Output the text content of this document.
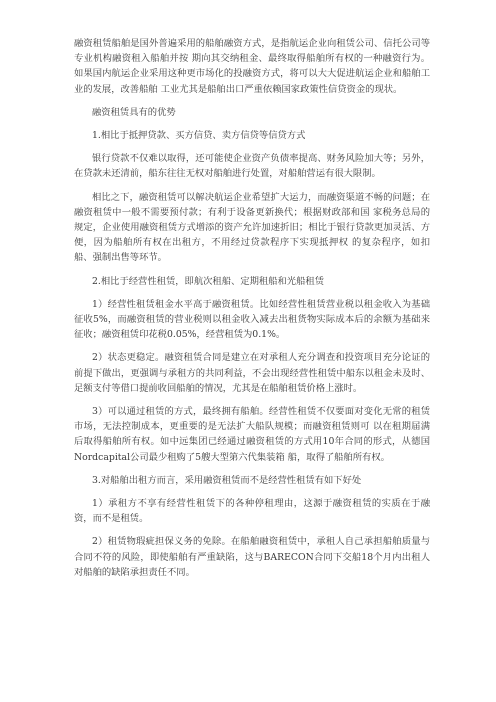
融资租赁船舶是国外普遍采用的船舶融资方式，是指航运企业向租赁公司、信托公司等专业机构融资租入船舶并按 期向其交纳租金、最终取得船舶所有权的一种融资行为。如果国内航运企业采用这种更市场化的投融资方式，将可以大大促进航运企业和船舶工业的发展，改善船舶 工业尤其是船舶出口严重依赖国家政策性信贷资金的现状。

融资租赁具有的优势

1.相比于抵押贷款、买方信贷、卖方信贷等信贷方式

银行贷款不仅难以取得，还可能使企业资产负债率提高、财务风险加大等；另外，在贷款未还清前，船东往往无权对船舶进行处置，对船舶营运有很大限制。

相比之下，融资租赁可以解决航运企业希望扩大运力，而融资渠道不畅的问题；在融资租赁中一般不需要预付款；有利于设备更新换代；根据财政部和国 家税务总局的规定，企业使用融资租赁方式增添的资产允许加速折旧；相比于银行贷款更加灵活、方便，因为船舶所有权在出租方，不用经过贷款程序下实现抵押权 的复杂程序，如扣船、强制出售等环节。

2.相比于经营性租赁，即航次租船、定期租船和光船租赁

1）经营性租赁租金水平高于融资租赁。比如经营性租赁营业税以租金收入为基础征收5%，而融资租赁的营业税则以租金收入减去出租货物实际成本后的余额为基础来征收；融资租赁印花税0.05%，经营租赁为0.1%。

2）状态更稳定。融资租赁合同是建立在对承租人充分调查和投资项目充分论证的前提下做出，更强调与承租方的共同利益，不会出现经营性租赁中船东以租金未及时、足额支付等借口提前收回船舶的情况，尤其是在船舶租赁价格上涨时。

3）可以通过租赁的方式，最终拥有船舶。经营性租赁不仅要面对变化无常的租赁市场，无法控制成本，更重要的是无法扩大船队规模；而融资租赁则可 以在租期届满后取得船舶所有权。如中远集团已经通过融资租赁的方式用10年合同的形式，从德国Nordcapital公司最少租购了5艘大型第六代集装箱 船，取得了船舶所有权。

3.对船舶出租方而言，采用融资租赁而不是经营性租赁有如下好处

1）承租方不享有经营性租赁下的各种停租理由，这源于融资租赁的实质在于融资，而不是租赁。

2）租赁物瑕疵担保义务的免除。在船舶融资租赁中，承租人自己承担船舶质量与合同不符的风险，即使船舶有严重缺陷，这与BARECON合同下交船18个月内出租人对船舶的缺陷承担责任不同。
